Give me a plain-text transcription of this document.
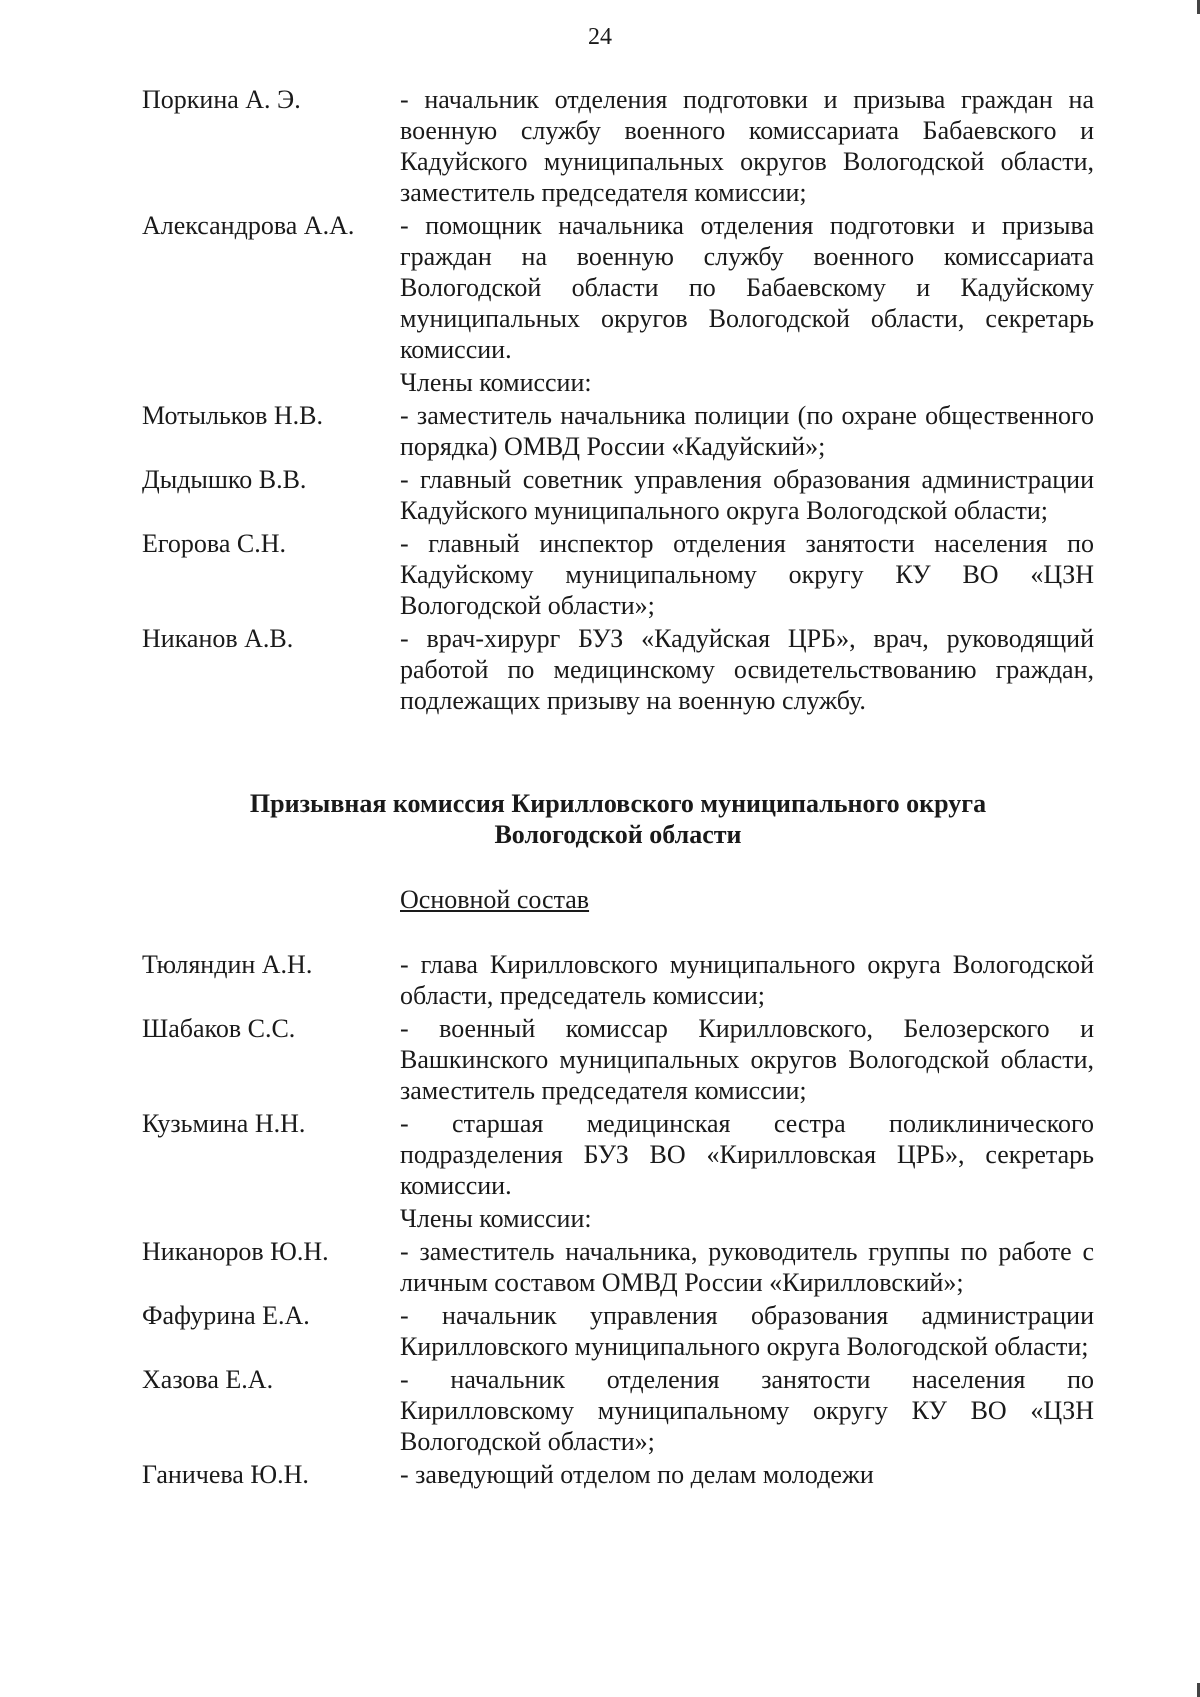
24
Поркина А. Э.	- начальник отделения подготовки и призыва граждан на военную службу военного комиссариата Бабаевского и Кадуйского муниципальных округов Вологодской области, заместитель председателя комиссии;
Александрова А.А.	- помощник начальника отделения подготовки и призыва граждан на военную службу военного комиссариата Вологодской области по Бабаевскому и Кадуйскому муниципальных округов Вологодской области, секретарь комиссии.
Члены комиссии:
Мотыльков Н.В.	- заместитель начальника полиции (по охране общественного порядка) ОМВД России «Кадуйский»;
Дыдышко В.В.	- главный советник управления образования администрации Кадуйского муниципального округа Вологодской области;
Егорова С.Н.	- главный инспектор отделения занятости населения по Кадуйскому муниципальному округу КУ ВО «ЦЗН Вологодской области»;
Никанов А.В.	- врач-хирург БУЗ «Кадуйская ЦРБ», врач, руководящий работой по медицинскому освидетельствованию граждан, подлежащих призыву на военную службу.
Призывная комиссия Кирилловского муниципального округа
Вологодской области
Основной состав
Тюляндин А.Н.	- глава Кирилловского муниципального округа Вологодской области, председатель комиссии;
Шабаков С.С.	- военный комиссар Кирилловского, Белозерского и Вашкинского муниципальных округов Вологодской области, заместитель председателя комиссии;
Кузьмина Н.Н.	- старшая медицинская сестра поликлинического подразделения БУЗ ВО «Кирилловская ЦРБ», секретарь комиссии.
Члены комиссии:
Никаноров Ю.Н.	- заместитель начальника, руководитель группы по работе с личным составом ОМВД России «Кирилловский»;
Фафурина Е.А.	- начальник управления образования администрации Кирилловского муниципального округа Вологодской области;
Хазова Е.А.	- начальник отделения занятости населения по Кирилловскому муниципальному округу КУ ВО «ЦЗН Вологодской области»;
Ганичева Ю.Н.	- заведующий отделом по делам молодежи
